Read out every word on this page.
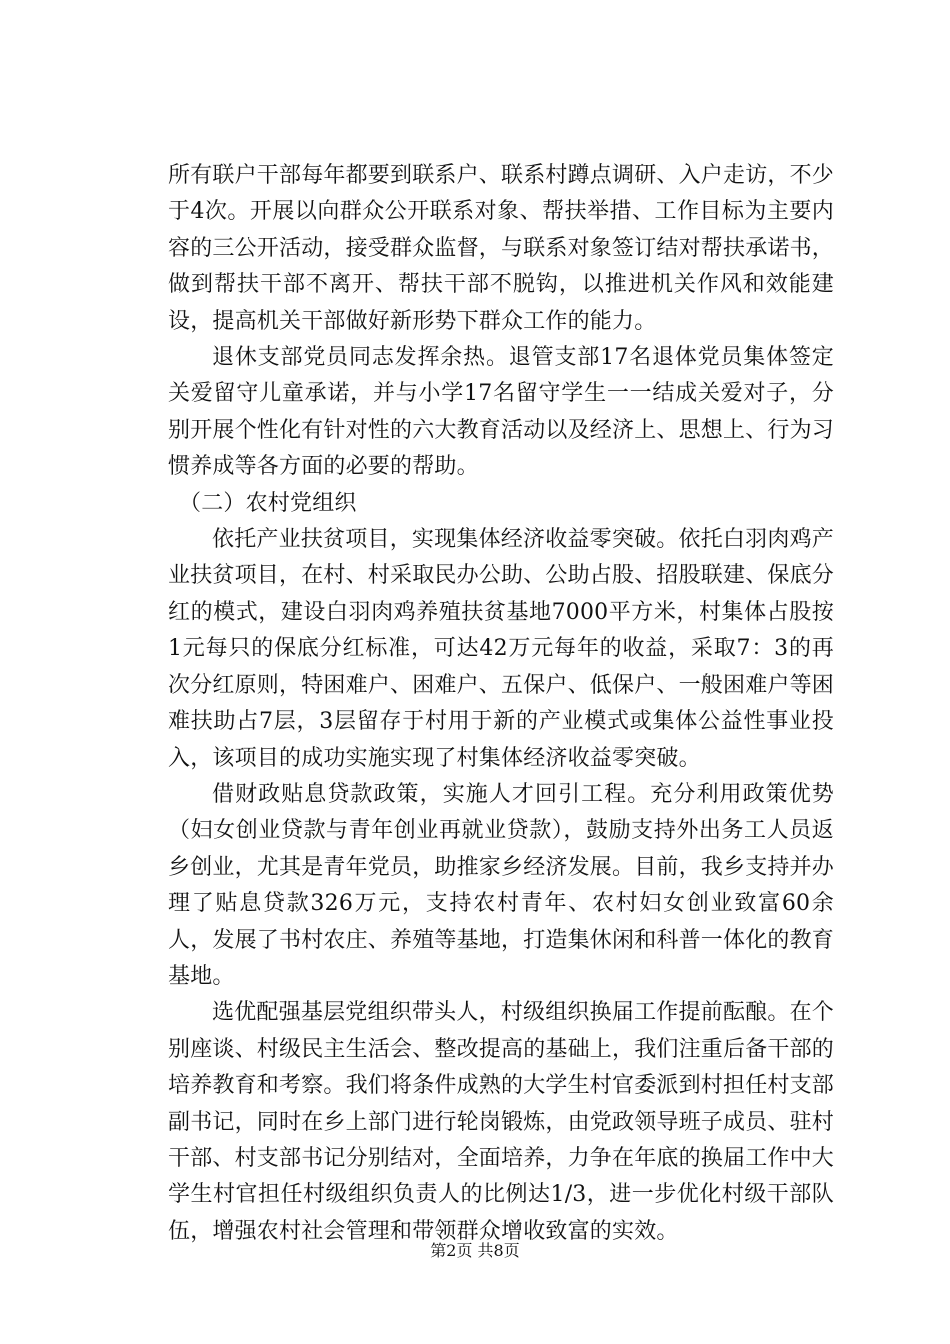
所有联户干部每年都要到联系户、联系村蹲点调研、入户走访，不少于4次。开展以向群众公开联系对象、帮扶举措、工作目标为主要内容的三公开活动，接受群众监督，与联系对象签订结对帮扶承诺书，做到帮扶干部不离开、帮扶干部不脱钩，以推进机关作风和效能建设，提高机关干部做好新形势下群众工作的能力。

退休支部党员同志发挥余热。退管支部17名退体党员集体签定关爱留守儿童承诺，并与小学17名留守学生一一结成关爱对子，分别开展个性化有针对性的六大教育活动以及经济上、思想上、行为习惯养成等各方面的必要的帮助。

（二）农村党组织

依托产业扶贫项目，实现集体经济收益零突破。依托白羽肉鸡产业扶贫项目，在村、村采取民办公助、公助占股、招股联建、保底分红的模式，建设白羽肉鸡养殖扶贫基地7000平方米，村集体占股按1元每只的保底分红标准，可达42万元每年的收益，采取7：3的再次分红原则，特困难户、困难户、五保户、低保户、一般困难户等困难扶助占7层，3层留存于村用于新的产业模式或集体公益性事业投入，该项目的成功实施实现了村集体经济收益零突破。

借财政贴息贷款政策，实施人才回引工程。充分利用政策优势（妇女创业贷款与青年创业再就业贷款），鼓励支持外出务工人员返乡创业，尤其是青年党员，助推家乡经济发展。目前，我乡支持并办理了贴息贷款326万元，支持农村青年、农村妇女创业致富60余人，发展了书村农庄、养殖等基地，打造集休闲和科普一体化的教育基地。

选优配强基层党组织带头人，村级组织换届工作提前酝酿。在个别座谈、村级民主生活会、整改提高的基础上，我们注重后备干部的培养教育和考察。我们将条件成熟的大学生村官委派到村担任村支部副书记，同时在乡上部门进行轮岗锻炼，由党政领导班子成员、驻村干部、村支部书记分别结对，全面培养，力争在年底的换届工作中大学生村官担任村级组织负责人的比例达1/3，进一步优化村级干部队伍，增强农村社会管理和带领群众增收致富的实效。

第2页 共8页
